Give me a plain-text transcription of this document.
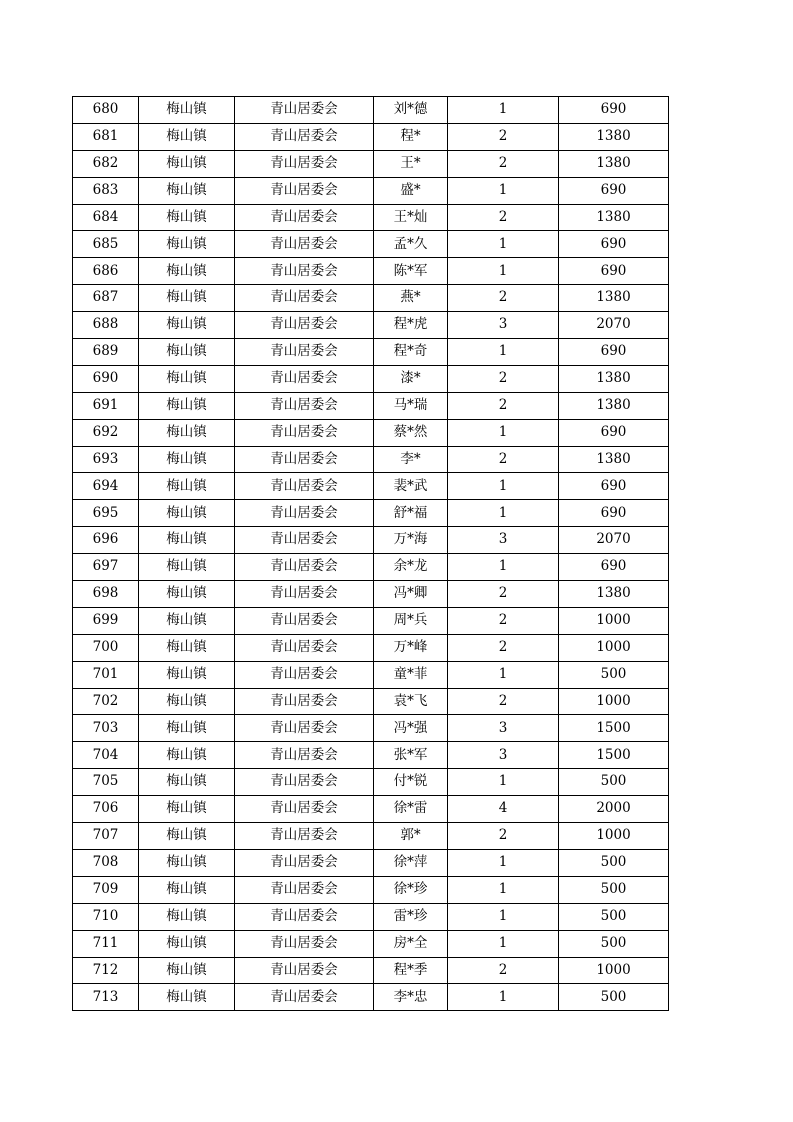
680	梅山镇	青山居委会	刘*德	1	690
681	梅山镇	青山居委会	程*	2	1380
682	梅山镇	青山居委会	王*	2	1380
683	梅山镇	青山居委会	盛*	1	690
684	梅山镇	青山居委会	王*灿	2	1380
685	梅山镇	青山居委会	孟*久	1	690
686	梅山镇	青山居委会	陈*军	1	690
687	梅山镇	青山居委会	燕*	2	1380
688	梅山镇	青山居委会	程*虎	3	2070
689	梅山镇	青山居委会	程*奇	1	690
690	梅山镇	青山居委会	漆*	2	1380
691	梅山镇	青山居委会	马*瑞	2	1380
692	梅山镇	青山居委会	蔡*然	1	690
693	梅山镇	青山居委会	李*	2	1380
694	梅山镇	青山居委会	裴*武	1	690
695	梅山镇	青山居委会	舒*福	1	690
696	梅山镇	青山居委会	万*海	3	2070
697	梅山镇	青山居委会	余*龙	1	690
698	梅山镇	青山居委会	冯*卿	2	1380
699	梅山镇	青山居委会	周*兵	2	1000
700	梅山镇	青山居委会	万*峰	2	1000
701	梅山镇	青山居委会	童*菲	1	500
702	梅山镇	青山居委会	袁*飞	2	1000
703	梅山镇	青山居委会	冯*强	3	1500
704	梅山镇	青山居委会	张*军	3	1500
705	梅山镇	青山居委会	付*锐	1	500
706	梅山镇	青山居委会	徐*雷	4	2000
707	梅山镇	青山居委会	郭*	2	1000
708	梅山镇	青山居委会	徐*萍	1	500
709	梅山镇	青山居委会	徐*珍	1	500
710	梅山镇	青山居委会	雷*珍	1	500
711	梅山镇	青山居委会	房*全	1	500
712	梅山镇	青山居委会	程*季	2	1000
713	梅山镇	青山居委会	李*忠	1	500
